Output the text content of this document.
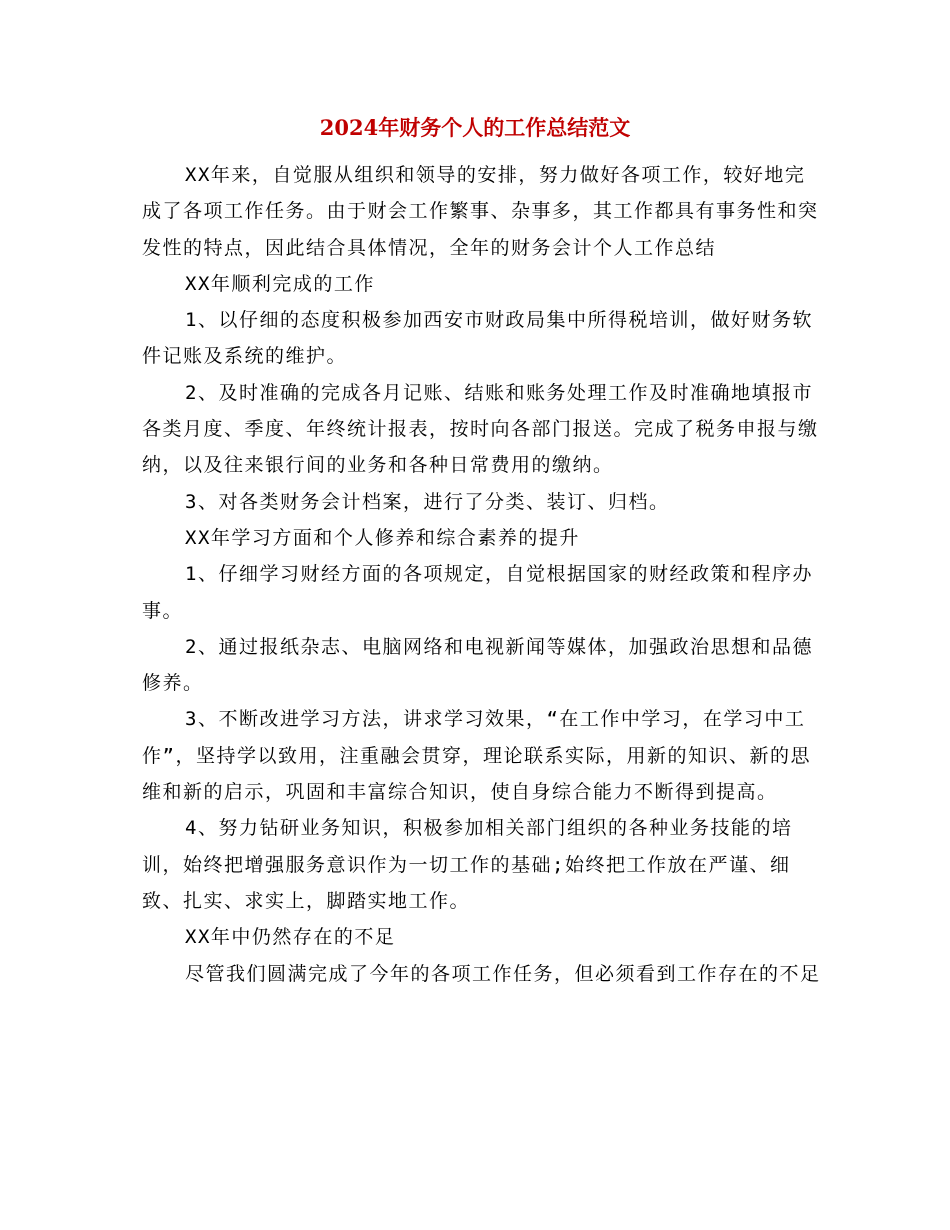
2024年财务个人的工作总结范文

XX年来，自觉服从组织和领导的安排，努力做好各项工作，较好地完成了各项工作任务。由于财会工作繁事、杂事多，其工作都具有事务性和突发性的特点，因此结合具体情况，全年的财务会计个人工作总结

XX年顺利完成的工作

1、以仔细的态度积极参加西安市财政局集中所得税培训，做好财务软件记账及系统的维护。

2、及时准确的完成各月记账、结账和账务处理工作及时准确地填报市各类月度、季度、年终统计报表，按时向各部门报送。完成了税务申报与缴纳，以及往来银行间的业务和各种日常费用的缴纳。

3、对各类财务会计档案，进行了分类、装订、归档。

XX年学习方面和个人修养和综合素养的提升

1、仔细学习财经方面的各项规定，自觉根据国家的财经政策和程序办事。

2、通过报纸杂志、电脑网络和电视新闻等媒体，加强政治思想和品德修养。

3、不断改进学习方法，讲求学习效果，“在工作中学习，在学习中工作”，坚持学以致用，注重融会贯穿，理论联系实际，用新的知识、新的思维和新的启示，巩固和丰富综合知识，使自身综合能力不断得到提高。

4、努力钻研业务知识，积极参加相关部门组织的各种业务技能的培训，始终把增强服务意识作为一切工作的基础;始终把工作放在严谨、细致、扎实、求实上，脚踏实地工作。

XX年中仍然存在的不足

尽管我们圆满完成了今年的各项工作任务，但必须看到工作存在的不足
